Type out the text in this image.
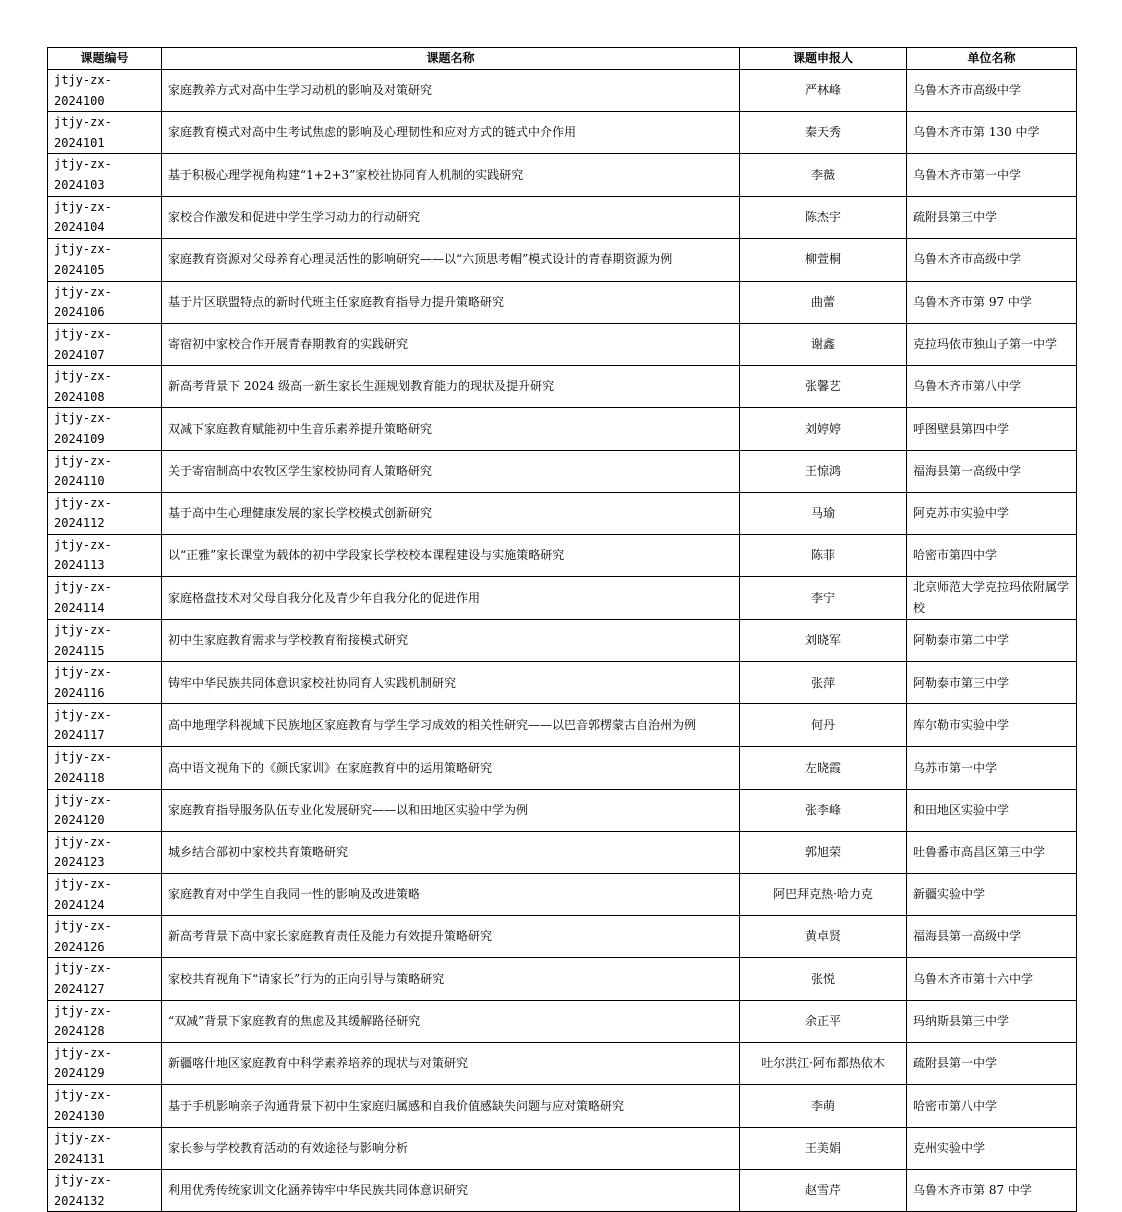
课题编号	课题名称	课题申报人	单位名称
jtjy-zx-2024100	家庭教养方式对高中生学习动机的影响及对策研究	严林峰	乌鲁木齐市高级中学
jtjy-zx-2024101	家庭教育模式对高中生考试焦虑的影响及心理韧性和应对方式的链式中介作用	秦天秀	乌鲁木齐市第 130 中学
jtjy-zx-2024103	基于积极心理学视角构建“1+2+3”家校社协同育人机制的实践研究	李薇	乌鲁木齐市第一中学
jtjy-zx-2024104	家校合作激发和促进中学生学习动力的行动研究	陈杰宇	疏附县第三中学
jtjy-zx-2024105	家庭教育资源对父母养育心理灵活性的影响研究——以“六顶思考帽”模式设计的青春期资源为例	柳萱桐	乌鲁木齐市高级中学
jtjy-zx-2024106	基于片区联盟特点的新时代班主任家庭教育指导力提升策略研究	曲蕾	乌鲁木齐市第 97 中学
jtjy-zx-2024107	寄宿初中家校合作开展青春期教育的实践研究	谢鑫	克拉玛依市独山子第一中学
jtjy-zx-2024108	新高考背景下 2024 级高一新生家长生涯规划教育能力的现状及提升研究	张馨艺	乌鲁木齐市第八中学
jtjy-zx-2024109	双减下家庭教育赋能初中生音乐素养提升策略研究	刘婷婷	呼图壁县第四中学
jtjy-zx-2024110	关于寄宿制高中农牧区学生家校协同育人策略研究	王惊鸿	福海县第一高级中学
jtjy-zx-2024112	基于高中生心理健康发展的家长学校模式创新研究	马瑜	阿克苏市实验中学
jtjy-zx-2024113	以“正雅”家长课堂为载体的初中学段家长学校校本课程建设与实施策略研究	陈菲	哈密市第四中学
jtjy-zx-2024114	家庭格盘技术对父母自我分化及青少年自我分化的促进作用	李宁	北京师范大学克拉玛依附属学校
jtjy-zx-2024115	初中生家庭教育需求与学校教育衔接模式研究	刘晓军	阿勒泰市第二中学
jtjy-zx-2024116	铸牢中华民族共同体意识家校社协同育人实践机制研究	张萍	阿勒泰市第三中学
jtjy-zx-2024117	高中地理学科视域下民族地区家庭教育与学生学习成效的相关性研究——以巴音郭楞蒙古自治州为例	何丹	库尔勒市实验中学
jtjy-zx-2024118	高中语文视角下的《颜氏家训》在家庭教育中的运用策略研究	左晓霞	乌苏市第一中学
jtjy-zx-2024120	家庭教育指导服务队伍专业化发展研究——以和田地区实验中学为例	张李峰	和田地区实验中学
jtjy-zx-2024123	城乡结合部初中家校共育策略研究	郭旭荣	吐鲁番市高昌区第三中学
jtjy-zx-2024124	家庭教育对中学生自我同一性的影响及改进策略	阿巴拜克热·哈力克	新疆实验中学
jtjy-zx-2024126	新高考背景下高中家长家庭教育责任及能力有效提升策略研究	黄卓贤	福海县第一高级中学
jtjy-zx-2024127	家校共育视角下“请家长”行为的正向引导与策略研究	张悦	乌鲁木齐市第十六中学
jtjy-zx-2024128	“双减”背景下家庭教育的焦虑及其缓解路径研究	余正平	玛纳斯县第三中学
jtjy-zx-2024129	新疆喀什地区家庭教育中科学素养培养的现状与对策研究	吐尔洪江·阿布都热依木	疏附县第一中学
jtjy-zx-2024130	基于手机影响亲子沟通背景下初中生家庭归属感和自我价值感缺失问题与应对策略研究	李萌	哈密市第八中学
jtjy-zx-2024131	家长参与学校教育活动的有效途径与影响分析	王美娟	克州实验中学
jtjy-zx-2024132	利用优秀传统家训文化涵养铸牢中华民族共同体意识研究	赵雪芹	乌鲁木齐市第 87 中学
